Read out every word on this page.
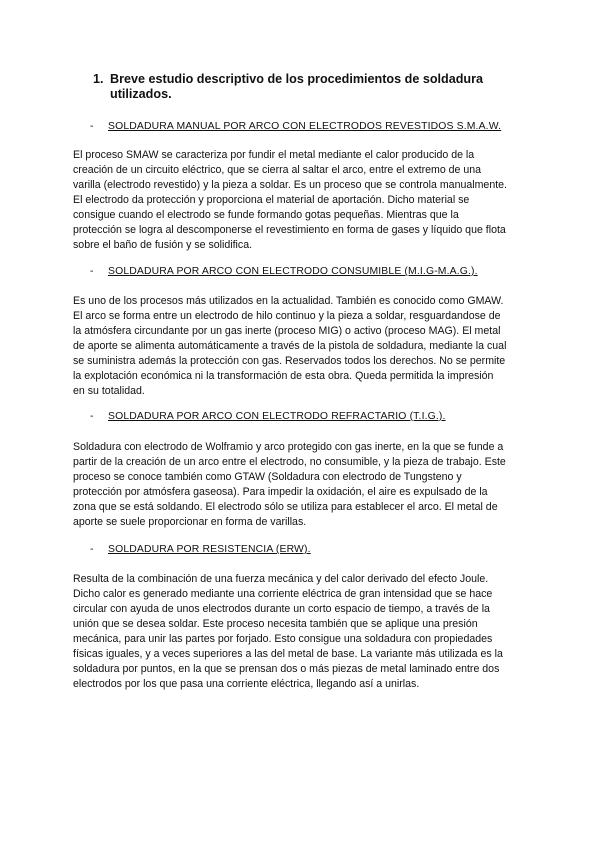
1. Breve estudio descriptivo de los procedimientos de soldadura utilizados.
- SOLDADURA MANUAL POR ARCO CON ELECTRODOS REVESTIDOS S.M.A.W.
El proceso SMAW se caracteriza por fundir el metal mediante el calor producido de la
creación de un circuito eléctrico, que se cierra al saltar el arco, entre el extremo de una
varilla (electrodo revestido) y la pieza a soldar. Es un proceso que se controla manualmente.
El electrodo da protección y proporciona el material de aportación. Dicho material se
consigue cuando el electrodo se funde formando gotas pequeñas. Mientras que la
protección se logra al descomponerse el revestimiento en forma de gases y líquido que flota
sobre el baño de fusión y se solidifica.
- SOLDADURA POR ARCO CON ELECTRODO CONSUMIBLE (M.I.G-M.A.G.).
Es uno de los procesos más utilizados en la actualidad. También es conocido como GMAW.
El arco se forma entre un electrodo de hilo continuo y la pieza a soldar, resguardandose de
la atmósfera circundante por un gas inerte (proceso MIG) o activo (proceso MAG). El metal
de aporte se alimenta automáticamente a través de la pistola de soldadura, mediante la cual
se suministra además la protección con gas. Reservados todos los derechos. No se permite
la explotación económica ni la transformación de esta obra. Queda permitida la impresión
en su totalidad.
- SOLDADURA POR ARCO CON ELECTRODO REFRACTARIO (T.I.G.).
Soldadura con electrodo de Wolframio y arco protegido con gas inerte, en la que se funde a
partir de la creación de un arco entre el electrodo, no consumible, y la pieza de trabajo. Este
proceso se conoce también como GTAW (Soldadura con electrodo de Tungsteno y
protección por atmósfera gaseosa). Para impedir la oxidación, el aire es expulsado de la
zona que se está soldando. El electrodo sólo se utiliza para establecer el arco. El metal de
aporte se suele proporcionar en forma de varillas.
- SOLDADURA POR RESISTENCIA (ERW).
Resulta de la combinación de una fuerza mecánica y del calor derivado del efecto Joule.
Dicho calor es generado mediante una corriente eléctrica de gran intensidad que se hace
circular con ayuda de unos electrodos durante un corto espacio de tiempo, a través de la
unión que se desea soldar. Este proceso necesita también que se aplique una presión
mecánica, para unir las partes por forjado. Esto consigue una soldadura con propiedades
físicas iguales, y a veces superiores a las del metal de base. La variante más utilizada es la
soldadura por puntos, en la que se prensan dos o más piezas de metal laminado entre dos
electrodos por los que pasa una corriente eléctrica, llegando así a unirlas.
